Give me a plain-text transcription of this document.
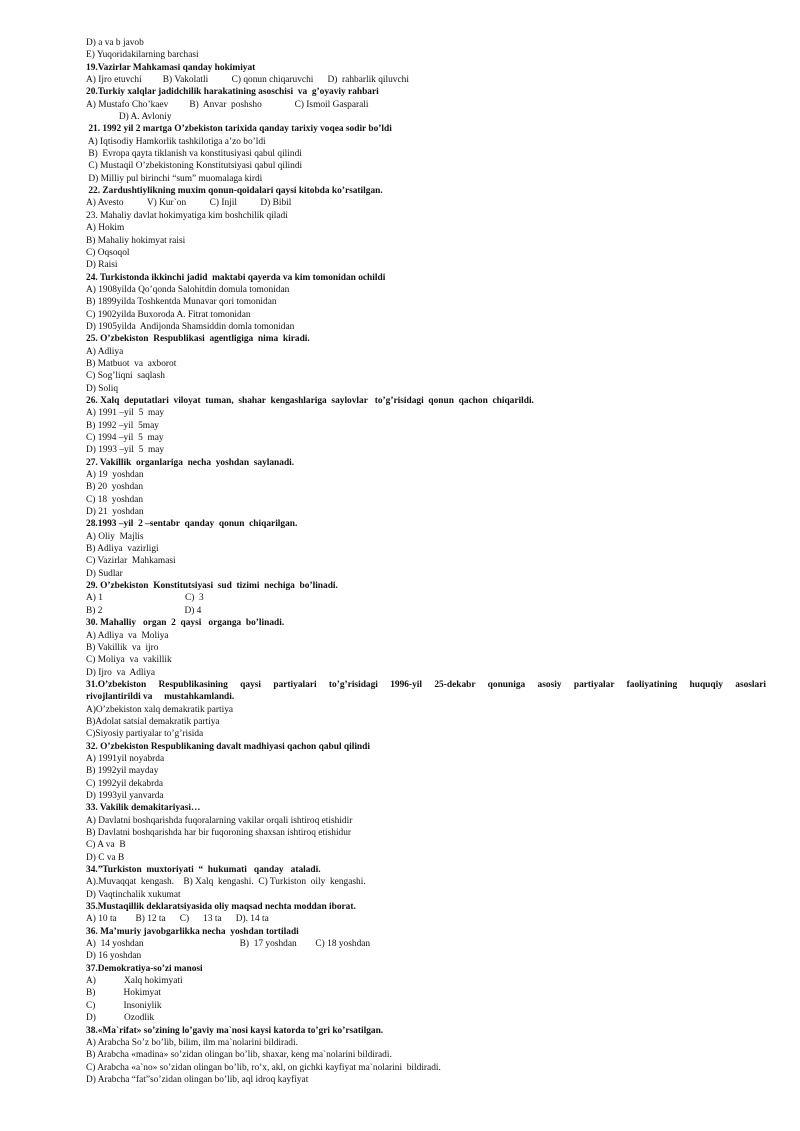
D) a va b javob
E) Yuqoridakilarning barchasi
19.Vazirlar Mahkamasi qanday hokimiyat
A) Ijro etuvchi         B) Vakolatli          C) qonun chiqaruvchi      D)  rahbarlik qiluvchi
20.Turkiy xalqlar jadidchilik harakatining asoschisi  va  g’oyaviy rahbari
A) Mustafo Cho’kaev         B)  Anvar  poshsho              C) Ismoil Gasparali
D) A. Avloniy
21. 1992 yil 2 martga O’zbekiston tarixida qanday tarixiy voqea sodir bo’ldi
A) Iqtisodiy Hamkorlik tashkilotiga a’zo bo’ldi
B)  Evropa qayta tiklanish va konstitusiyasi qabul qilindi
C) Mustaqil O’zbekistoning Konstitutsiyasi qabul qilindi
D) Milliy pul birinchi “sum” muomalaga kirdi
22. Zardushtiylikning muxim qonun-qoidalari qaysi kitobda ko’rsatilgan.
A) Avesto          V) Kur`on          C) Injil          D) Bibil
23. Mahaliy davlat hokimyatiga kim boshchilik qiladi
A) Hokim
B) Mahaliy hokimyat raisi
C) Oqsoqol
D) Raisi
24. Turkistonda ikkinchi jadid  maktabi qayerda va kim tomonidan ochildi
A) 1908yilda Qo’qonda Salohitdin domula tomonidan
B) 1899yilda Toshkentda Munavar qori tomonidan
C) 1902yilda Buxoroda A. Fitrat tomonidan
D) 1905yilda  Andijonda Shamsiddin domla tomonidan
25. O’zbekiston  Respublikasi  agentligiga  nima  kiradi.
A) Adliya
B) Matbuot  va  axborot
C) Sog’liqni  saqlash
D) Soliq
26. Xalq  deputatlari  viloyat  tuman,  shahar  kengashlariga  saylovlar   to’g’risidagi  qonun  qachon  chiqarildi.
A) 1991 –yil  5  may
B) 1992 –yil  5may
C) 1994 –yil  5  may
D) 1993 –yil  5  may
27. Vakillik  organlariga  necha  yoshdan  saylanadi.
A) 19  yoshdan
B) 20  yoshdan
C) 18  yoshdan
D) 21  yoshdan
28.1993 –yil  2 –sentabr  qanday  qonun  chiqarilgan.
A) Oliy  Majlis
B) Adliya  vazirligi
C) Vazirlar  Mahkamasi
D) Sudlar
29. O’zbekiston  Konstitutsiyasi  sud  tizimi  nechiga  bo’linadi.
A) 1                                   C)  3
B) 2                                   D) 4
30. Mahalliy   organ  2  qaysi   organga  bo’linadi.
A) Adliya  va  Moliya
B) Vakillik  va  ijro
C) Moliya  va  vakillik
D) Ijro  va  Adliya
31.O’zbekiston Respublikasining qaysi partiyalari to’g’risidagi 1996-yil 25-dekabr qonuniga asosiy partiyalar faoliyatining huquqiy asoslari
rivojlantirildi va     mustahkamlandi.
A)O’zbekiston xalq demakratik partiya
B)Adolat satsial demakratik partiya
C)Siyosiy partiyalar to’g’risida
32. O’zbekiston Respublikaning davalt madhiyasi qachon qabul qilindi
A) 1991yil noyabrda
B) 1992yil mayday
C) 1992yil dekabrda
D) 1993yil yanvarda
33. Vakilik demakitariyasi…
A) Davlatni boshqarishda fuqoralarning vakilar orqali ishtiroq etishidir
B) Davlatni boshqarishda har bir fuqoroning shaxsan ishtiroq etishidur
C) A va  B
D) C va B
34.”Turkiston  muxtoriyati  “  hukumati   qanday   ataladi.
A).Muvaqqat  kengash.    B) Xalq  kengashi.  C) Turkiston  oily  kengashi.
D) Vaqtinchalik xukumat
35.Mustaqillik deklaratsiyasida oliy maqsad nechta moddan iborat.
A) 10 ta        B) 12 ta      C)      13 ta      D). 14 ta
36. Ma’muriy javobgarlikka necha  yoshdan tortiladi
A)  14 yoshdan                                         B)  17 yoshdan        C) 18 yoshdan
D) 16 yoshdan
37.Demokratiya-so’zi manosi
A)            Xalq hokimyati
B)            Hokimyat
C)            Insoniylik
D)            Ozodlik
38.«Ma`rifat» so’zining lo’gaviy ma`nosi kaysi katorda to’gri ko’rsatilgan.
A) Arabcha So’z bo’lib, bilim, ilm ma`nolarini bildiradi.
B) Arabcha «madina» so’zidan olingan bo’lib, shaxar, keng ma`nolarini bildiradi.
C) Arabcha «a`no» so’zidan olingan bo’lib, ro’x, akl, on gichki kayfiyat ma`nolarini  bildiradi.
D) Arabcha “fat”so’zidan olingan bo’lib, aql idroq kayfiyat
